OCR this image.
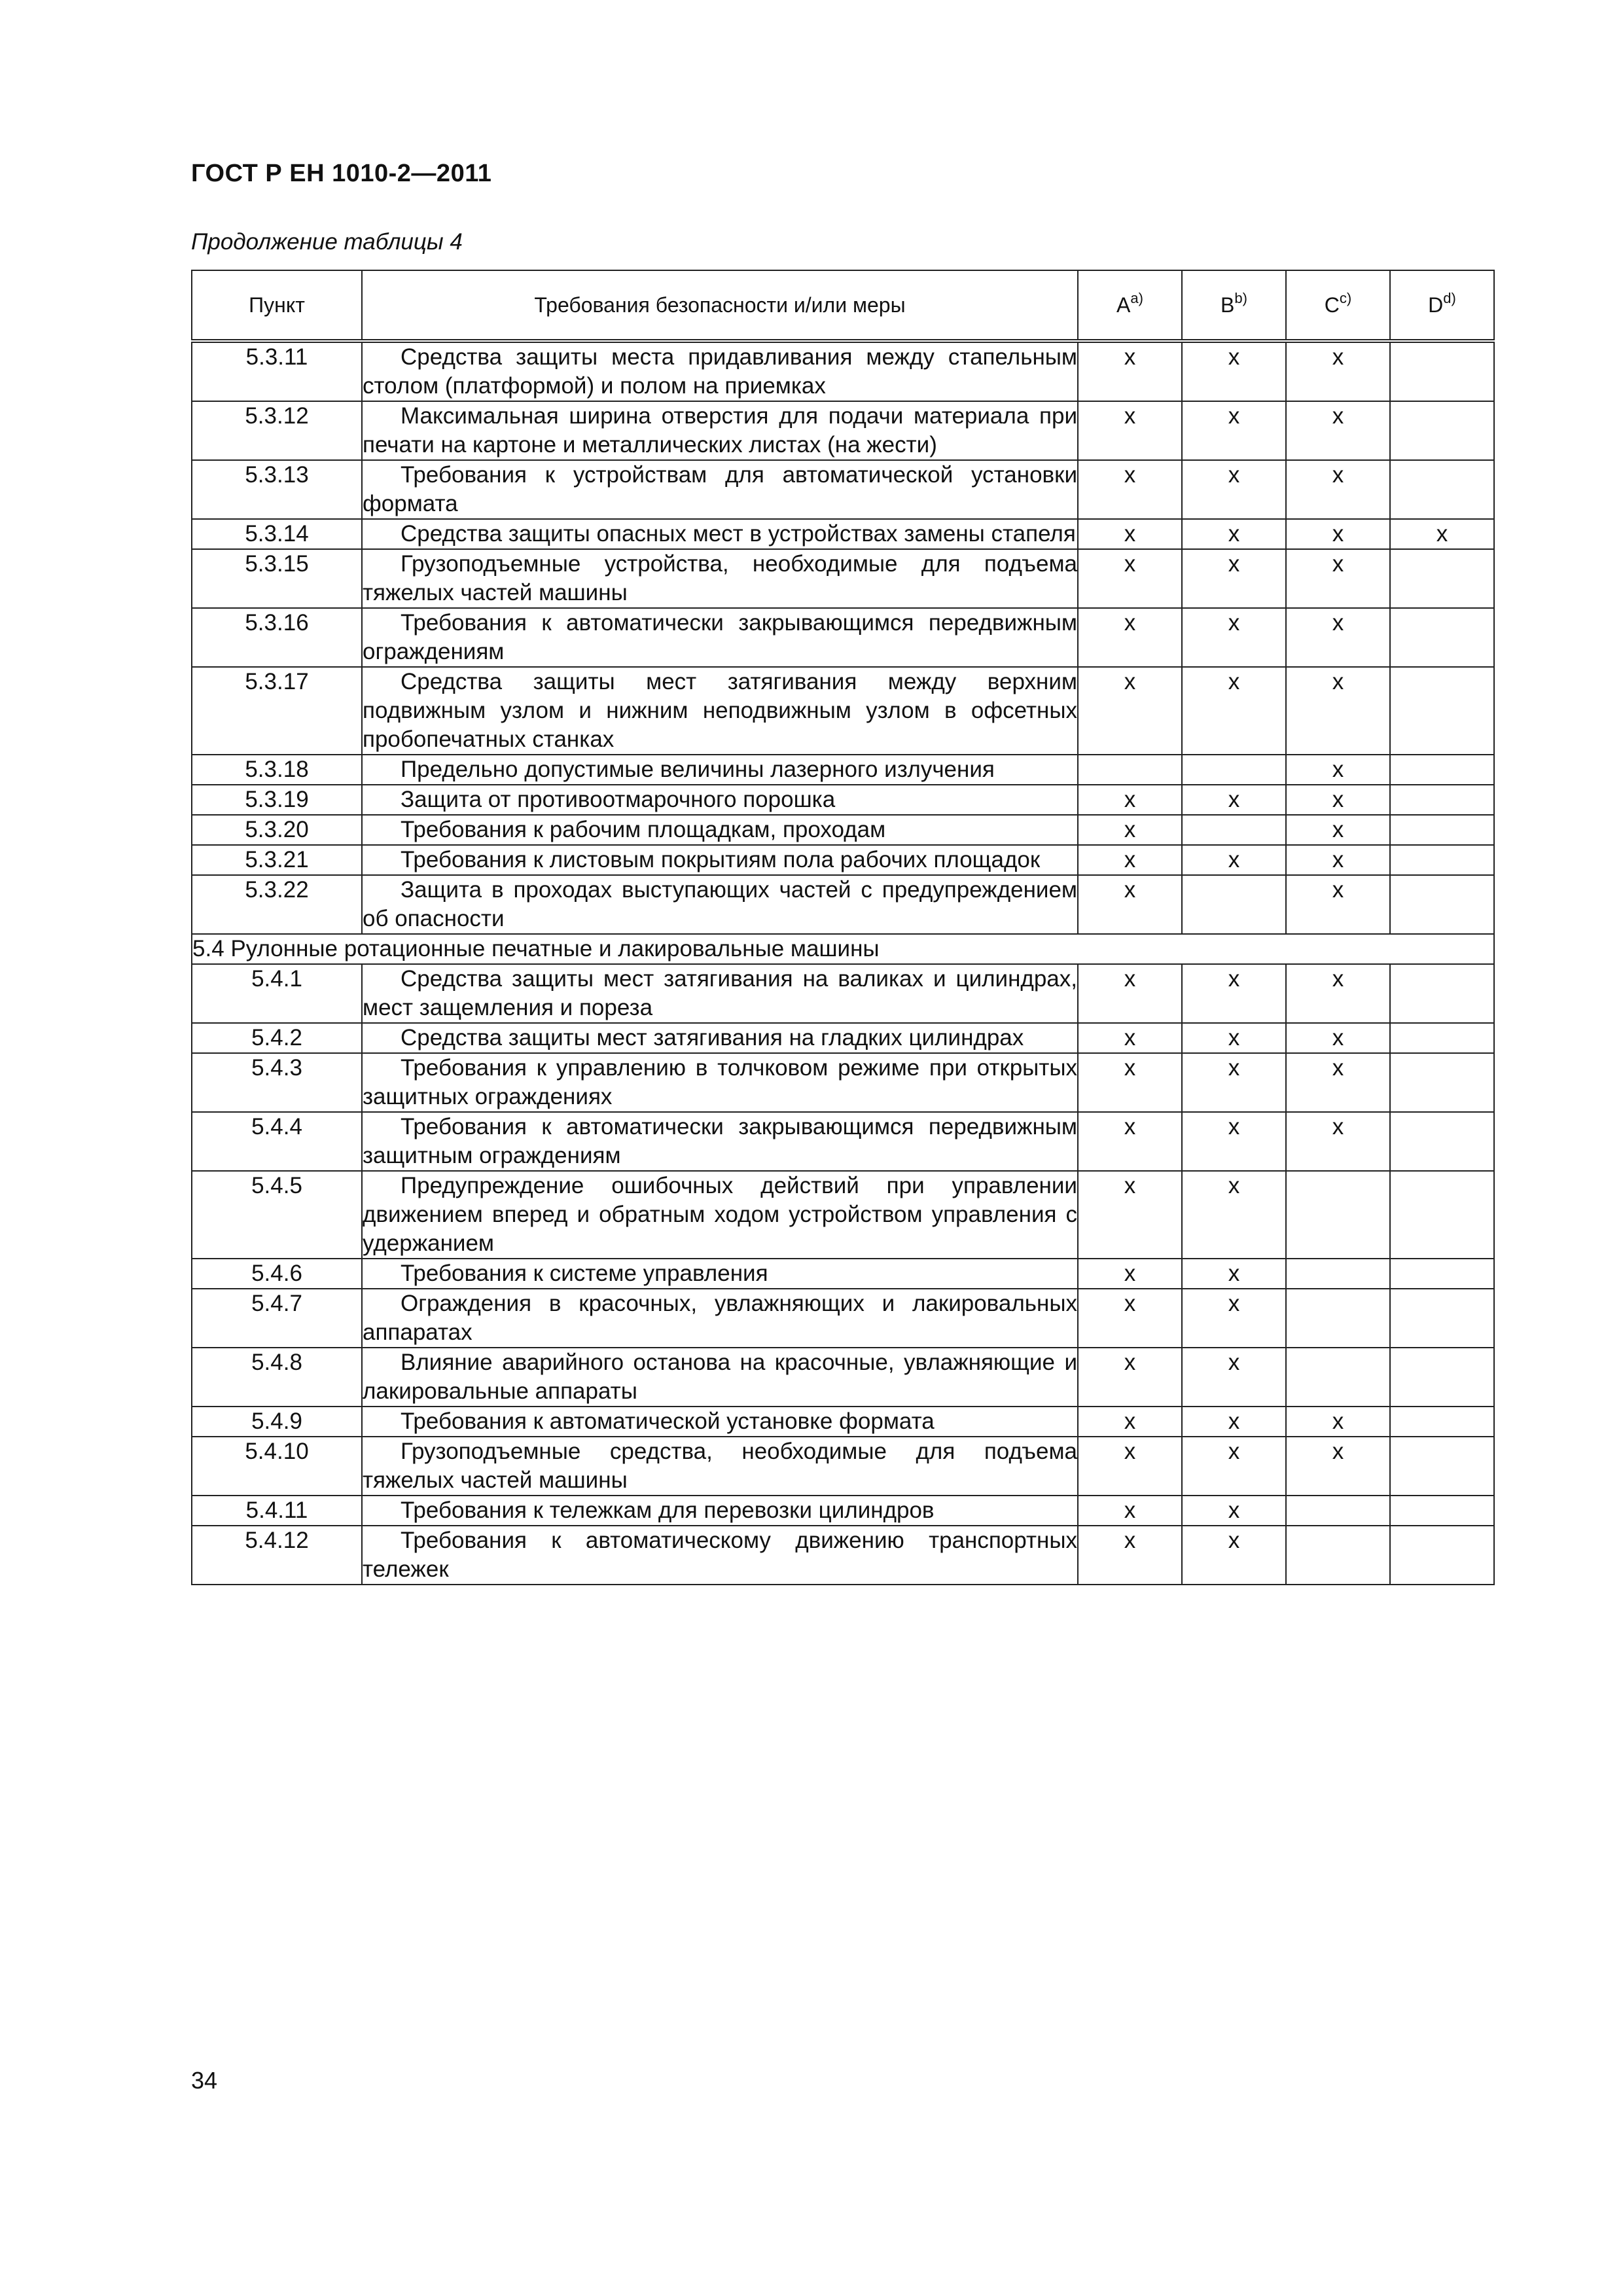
ГОСТ Р ЕН 1010-2—2011
Продолжение таблицы 4
Пункт	Требования безопасности и/или меры	$A^{a)}$	$B^{b)}$	$C^{c)}$	$D^{d)}$
5.3.11	Средства защиты места придавливания между стапельным столом (платформой) и полом на приемках	x	x	x	
5.3.12	Максимальная ширина отверстия для подачи материала при печати на картоне и металлических листах (на жести)	x	x	x	
5.3.13	Требования к устройствам для автоматической установки формата	x	x	x	
5.3.14	Средства защиты опасных мест в устройствах замены стапеля	x	x	x	x
5.3.15	Грузоподъемные устройства, необходимые для подъема тяжелых частей машины	x	x	x	
5.3.16	Требования к автоматически закрывающимся передвижным ограждениям	x	x	x	
5.3.17	Средства защиты мест затягивания между верхним подвижным узлом и нижним неподвижным узлом в офсетных пробопечатных станках	x	x	x	
5.3.18	Предельно допустимые величины лазерного излучения			x	
5.3.19	Защита от противоотмарочного порошка	x	x	x	
5.3.20	Требования к рабочим площадкам, проходам	x		x	
5.3.21	Требования к листовым покрытиям пола рабочих площадок	x	x	x	
5.3.22	Защита в проходах выступающих частей с предупреждением об опасности	x		x	
5.4 Рулонные ротационные печатные и лакировальные машины					
5.4.1	Средства защиты мест затягивания на валиках и цилиндрах, мест защемления и пореза	x	x	x	
5.4.2	Средства защиты мест затягивания на гладких цилиндрах	x	x	x	
5.4.3	Требования к управлению в толчковом режиме при открытых защитных ограждениях	x	x	x	
5.4.4	Требования к автоматически закрывающимся передвижным защитным ограждениям	x	x	x	
5.4.5	Предупреждение ошибочных действий при управлении движением вперед и обратным ходом устройством управления с удержанием	x	x		
5.4.6	Требования к системе управления	x	x		
5.4.7	Ограждения в красочных, увлажняющих и лакировальных аппаратах	x	x		
5.4.8	Влияние аварийного останова на красочные, увлажняющие и лакировальные аппараты	x	x		
5.4.9	Требования к автоматической установке формата	x	x	x	
5.4.10	Грузоподъемные средства, необходимые для подъема тяжелых частей машины	x	x	x	
5.4.11	Требования к тележкам для перевозки цилиндров	x	x		
5.4.12	Требования к автоматическому движению транспортных тележек	x	x		
34
